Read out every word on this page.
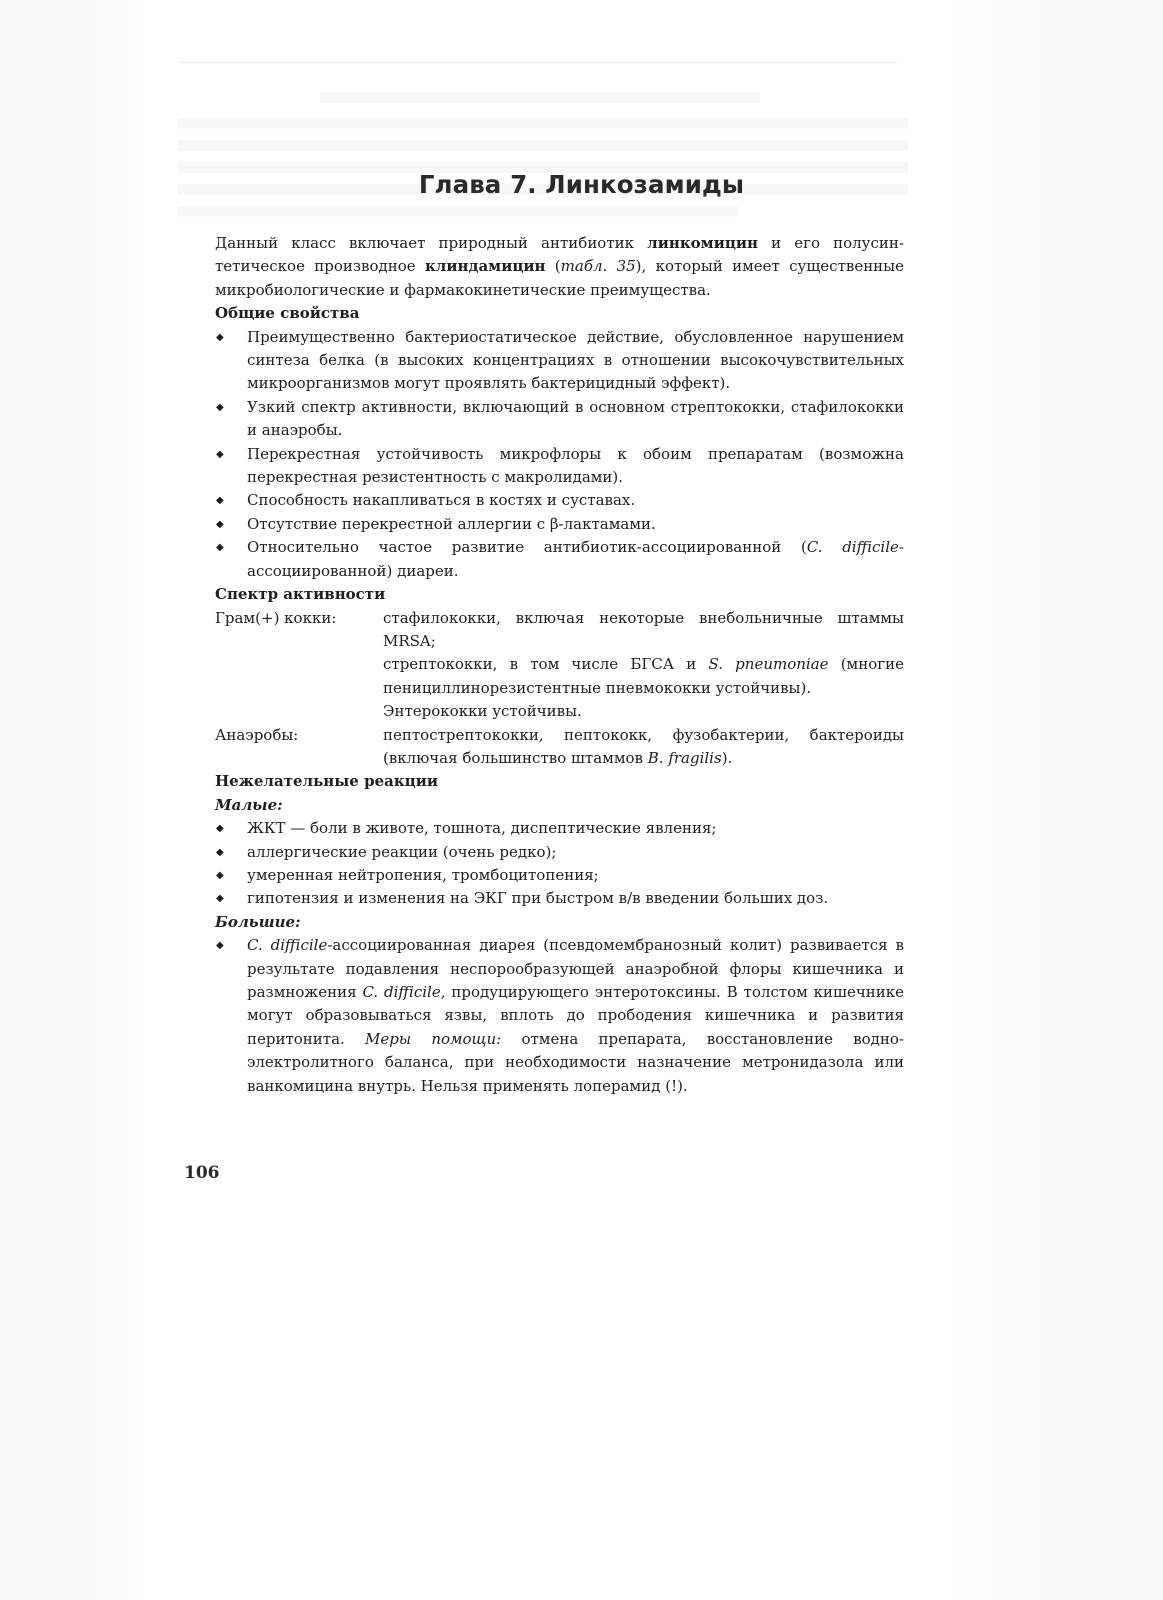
Глава 7. Линкозамиды

Данный класс включает природный антибиотик линкомицин и его полусинтетическое производное клиндамицин (табл. 35), который имеет существенные микробиологические и фармакокинетические преимущества.

Общие свойства

◆ Преимущественно бактериостатическое действие, обусловленное нарушением синтеза белка (в высоких концентрациях в отношении высокочувствительных микроорганизмов могут проявлять бактерицидный эффект).
◆ Узкий спектр активности, включающий в основном стрептококки, стафилококки и анаэробы.
◆ Перекрестная устойчивость микрофлоры к обоим препаратам (возможна перекрестная резистентность с макролидами).
◆ Способность накапливаться в костях и суставах.
◆ Отсутствие перекрестной аллергии с β-лактамами.
◆ Относительно частое развитие антибиотик-ассоциированной (C. difficile-ассоциированной) диареи.

Спектр активности

Грам(+) кокки:	стафилококки, включая некоторые внебольничные штаммы MRSA;
стрептококки, в том числе БГСА и S. pneumoniae (многие пенициллинорезистентные пневмококки устойчивы).
Энтерококки устойчивы.
Анаэробы:	пептострептококки, пептококк, фузобактерии, бактероиды (включая большинство штаммов B. fragilis).

Нежелательные реакции

Малые:

◆ ЖКТ — боли в животе, тошнота, диспептические явления;
◆ аллергические реакции (очень редко);
◆ умеренная нейтропения, тромбоцитопения;
◆ гипотензия и изменения на ЭКГ при быстром в/в введении больших доз.

Большие:

◆ C. difficile-ассоциированная диарея (псевдомембранозный колит) развивается в результате подавления неспорообразующей анаэробной флоры кишечника и размножения C. difficile, продуцирующего энтеротоксины. В толстом кишечнике могут образовываться язвы, вплоть до прободения кишечника и развития перитонита. Меры помощи: отмена препарата, восстановление водно-электролитного баланса, при необходимости назначение метронидазола или ванкомицина внутрь. Нельзя применять лоперамид (!).
106
